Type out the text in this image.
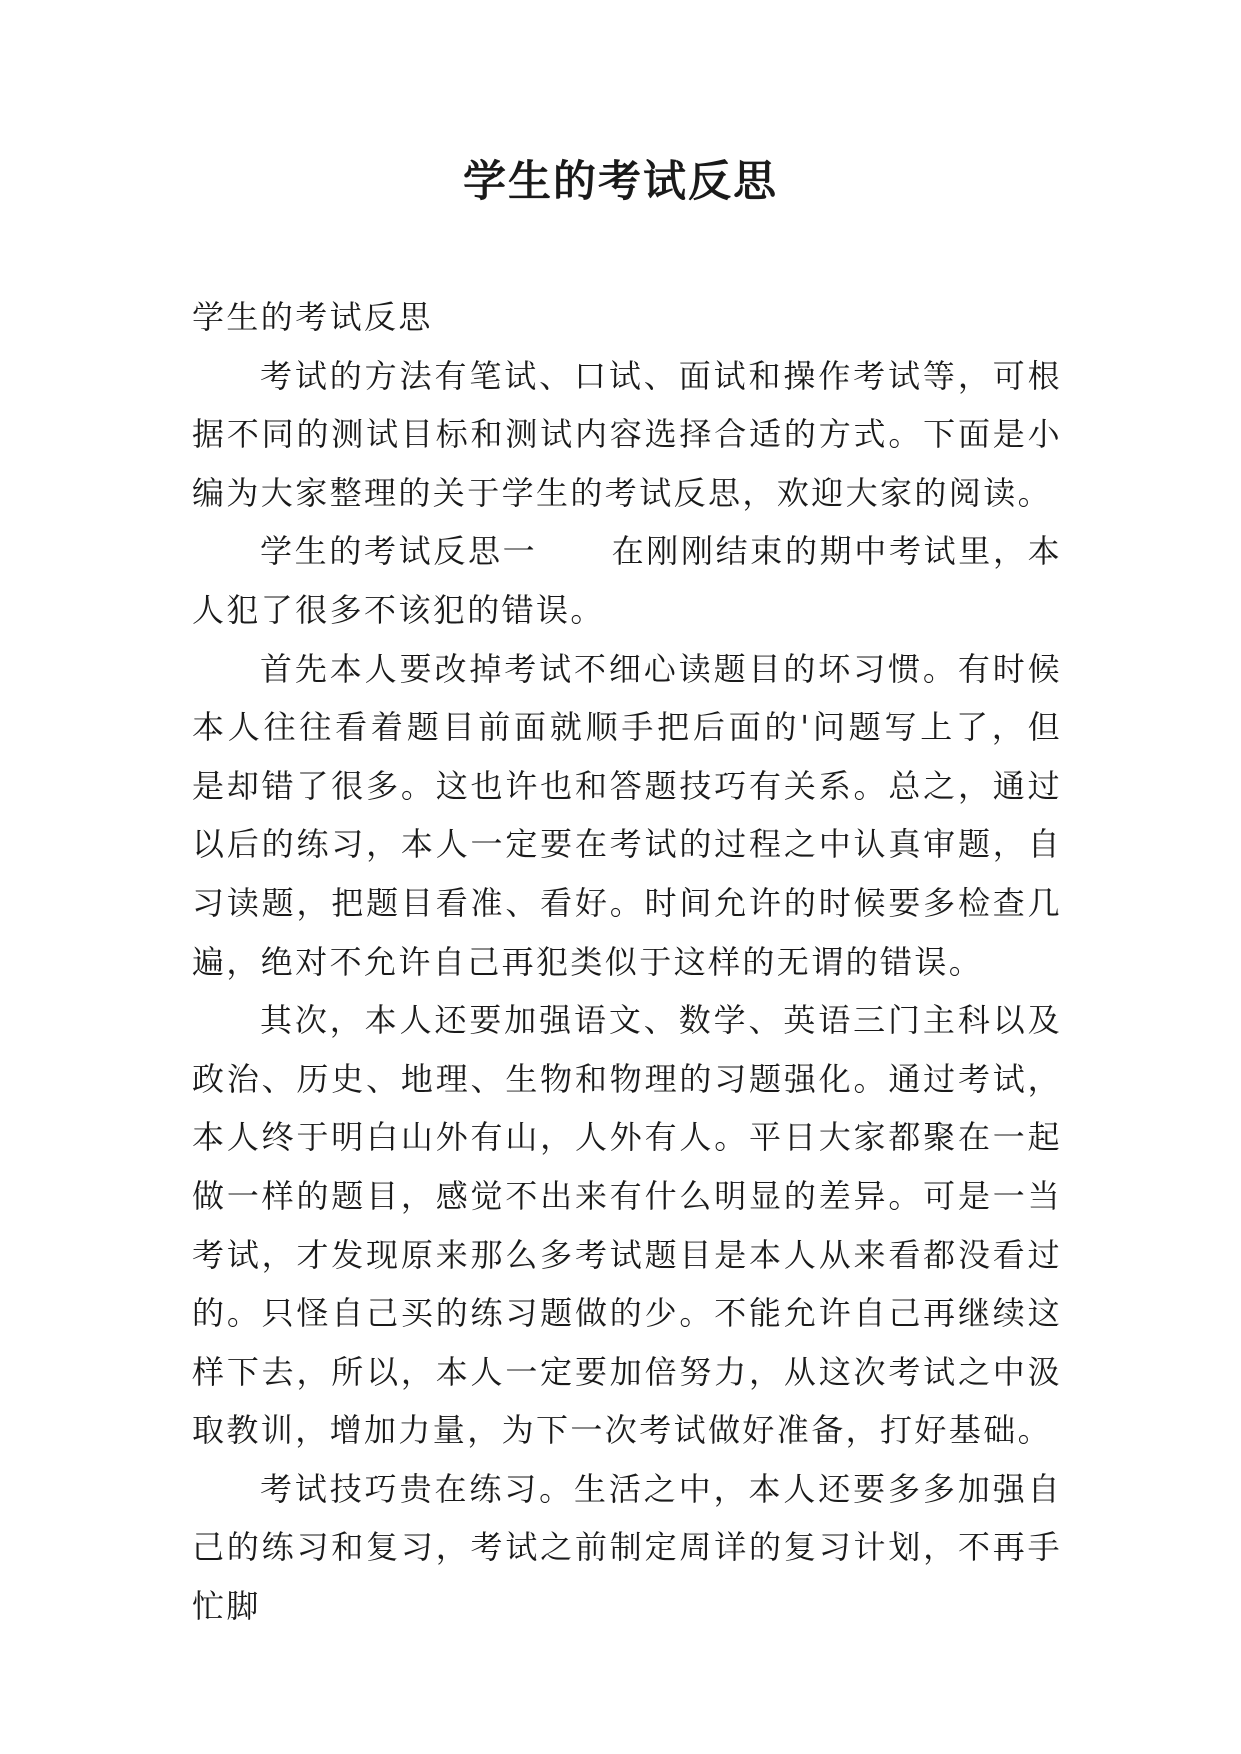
学生的考试反思

学生的考试反思

考试的方法有笔试、口试、面试和操作考试等，可根据不同的测试目标和测试内容选择合适的方式。下面是小编为大家整理的关于学生的考试反思，欢迎大家的阅读。

学生的考试反思一 在刚刚结束的期中考试里，本人犯了很多不该犯的错误。

首先本人要改掉考试不细心读题目的坏习惯。有时候本人往往看着题目前面就顺手把后面的'问题写上了，但是却错了很多。这也许也和答题技巧有关系。总之，通过以后的练习，本人一定要在考试的过程之中认真审题，自习读题，把题目看准、看好。时间允许的时候要多检查几遍，绝对不允许自己再犯类似于这样的无谓的错误。

其次，本人还要加强语文、数学、英语三门主科以及政治、历史、地理、生物和物理的习题强化。通过考试，本人终于明白山外有山，人外有人。平日大家都聚在一起做一样的题目，感觉不出来有什么明显的差异。可是一当考试，才发现原来那么多考试题目是本人从来看都没看过的。只怪自己买的练习题做的少。不能允许自己再继续这样下去，所以，本人一定要加倍努力，从这次考试之中汲取教训，增加力量，为下一次考试做好准备，打好基础。

考试技巧贵在练习。生活之中，本人还要多多加强自己的练习和复习，考试之前制定周详的复习计划，不再手忙脚
